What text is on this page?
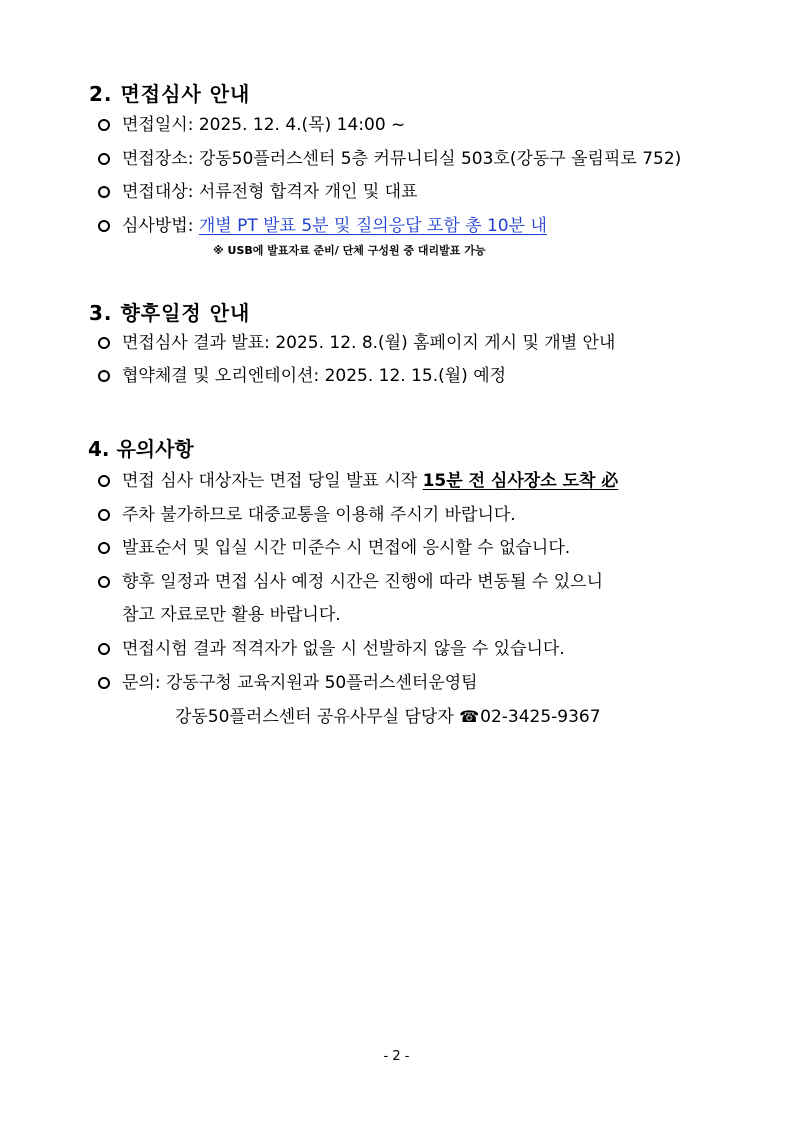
2. 면접심사 안내
면접일시: 2025. 12. 4.(목) 14:00 ~
면접장소: 강동50플러스센터 5층 커뮤니티실 503호(강동구 올림픽로 752)
면접대상: 서류전형 합격자 개인 및 대표
심사방법: 개별 PT 발표 5분 및 질의응답 포함 총 10분 내
※ USB에 발표자료 준비/ 단체 구성원 중 대리발표 가능
3. 향후일정 안내
면접심사 결과 발표: 2025. 12. 8.(월) 홈페이지 게시 및 개별 안내
협약체결 및 오리엔테이션: 2025. 12. 15.(월) 예정
4. 유의사항
면접 심사 대상자는 면접 당일 발표 시작 15분 전 심사장소 도착 必
주차 불가하므로 대중교통을 이용해 주시기 바랍니다.
발표순서 및 입실 시간 미준수 시 면접에 응시할 수 없습니다.
향후 일정과 면접 심사 예정 시간은 진행에 따라 변동될 수 있으니
참고 자료로만 활용 바랍니다.
면접시험 결과 적격자가 없을 시 선발하지 않을 수 있습니다.
문의: 강동구청 교육지원과 50플러스센터운영팀
강동50플러스센터 공유사무실 담당자 ☎02-3425-9367
- 2 -
